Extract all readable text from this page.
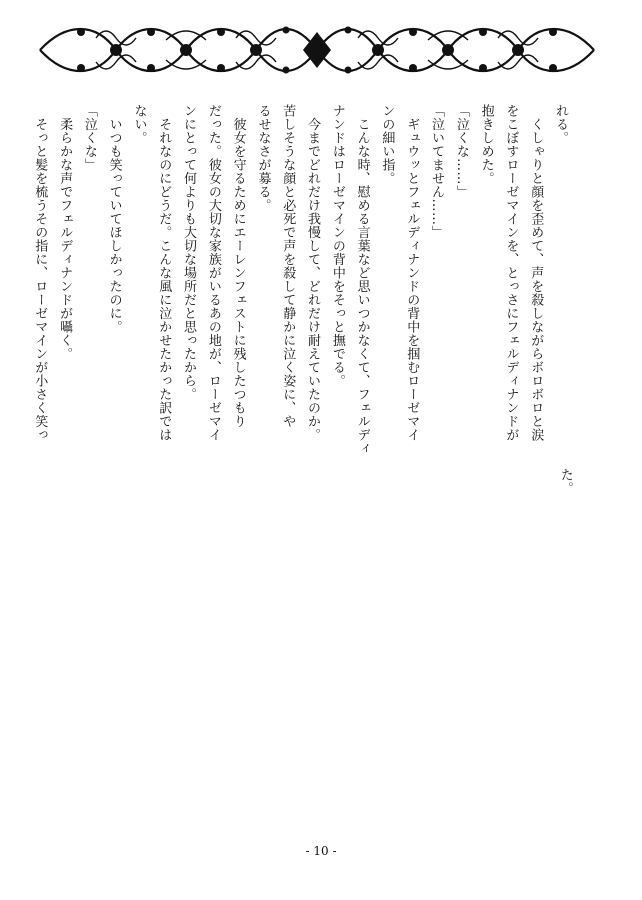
れる。
　くしゃりと顔を歪めて、声を殺しながらボロボロと涙
をこぼすローゼマインを、とっさにフェルディナンドが
抱きしめた。
「泣くな……」
「泣いてません……」
　ギュウッとフェルディナンドの背中を掴むローゼマイ
ンの細い指。
　こんな時、慰める言葉など思いつかなくて、フェルディ
ナンドはローゼマインの背中をそっと撫でる。
　今までどれだけ我慢して、どれだけ耐えていたのか。
苦しそうな顔と必死で声を殺して静かに泣く姿に、や
るせなさが募る。
　彼女を守るためにエーレンフェストに残したつもり
だった。彼女の大切な家族がいるあの地が、ローゼマイ
ンにとって何よりも大切な場所だと思ったから。
　それなのにどうだ。こんな風に泣かせたかった訳では
ない。
　いつも笑っていてほしかったのに。
「泣くな」
　柔らかな声でフェルディナンドが囁く。
　そっと髪を梳うその指に、ローゼマインが小さく笑っ
た。
- 10 -
